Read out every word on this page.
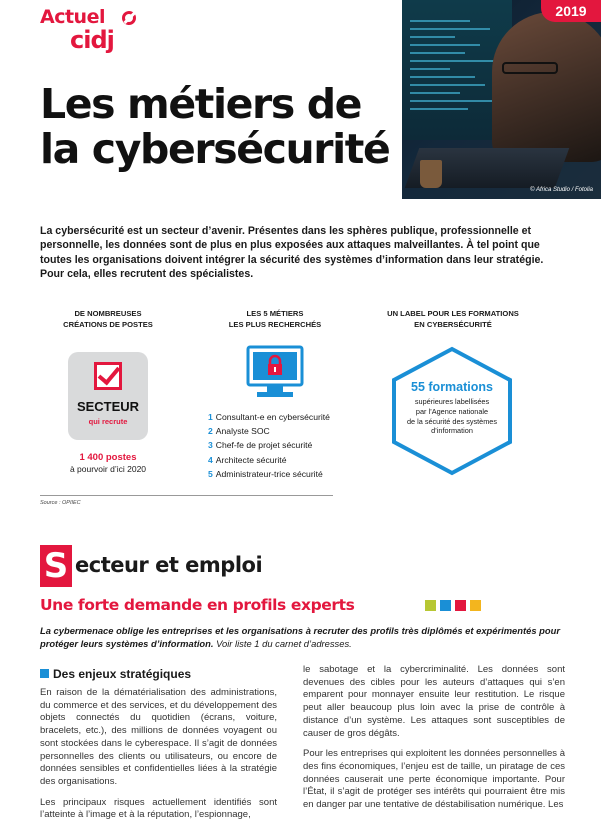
Actuel
cidj
Les métiers de
la cybersécurité
© Africa Studio / Fotolia
2019

La cybersécurité est un secteur d’avenir. Présentes dans les sphères publique, professionnelle et personnelle, les données sont de plus en plus exposées aux attaques malveillantes. À tel point que toutes les organisations doivent intégrer la sécurité des systèmes d’information dans leur stratégie. Pour cela, elles recrutent des spécialistes.

DE NOMBREUSES
CRÉATIONS DE POSTES
SECTEUR
qui recrute
1 400 postes
à pourvoir d’ici 2020
LES 5 MÉTIERS
LES PLUS RECHERCHÉS
1 Consultant-e en cybersécurité
2 Analyste SOC
3 Chef-fe de projet sécurité
4 Architecte sécurité
5 Administrateur-trice sécurité
UN LABEL POUR LES FORMATIONS
EN CYBERSÉCURITÉ
55 formations
supérieures labellisées
par l’Agence nationale
de la sécurité des systèmes
d’information
Source : OPIIEC
S ecteur et emploi
Une forte demande en profils experts

La cybermenace oblige les entreprises et les organisations à recruter des profils très diplômés et expérimentés pour protéger leurs systèmes d’information. Voir liste 1 du carnet d’adresses.

Des enjeux stratégiques

En raison de la dématérialisation des administrations, du commerce et des services, et du développement des objets connectés du quotidien (écrans, voiture, bracelets, etc.), des millions de données voyagent ou sont stockées dans le cyberespace. Il s’agit de données personnelles des clients ou utilisateurs, ou encore de données sensibles et confidentielles liées à la stratégie des organisations.

Les principaux risques actuellement identifiés sont l’atteinte à l’image et à la réputation, l’espionnage,

le sabotage et la cybercriminalité. Les données sont devenues des cibles pour les auteurs d’attaques qui s’en emparent pour monnayer ensuite leur restitution. Le risque peut aller beaucoup plus loin avec la prise de contrôle à distance d’un système. Les attaques sont susceptibles de causer de gros dégâts.

Pour les entreprises qui exploitent les données personnelles à des fins économiques, l’enjeu est de taille, un piratage de ces données causerait une perte économique importante. Pour l’État, il s’agit de protéger ses intérêts qui pourraient être mis en danger par une tentative de déstabilisation numérique. Les
